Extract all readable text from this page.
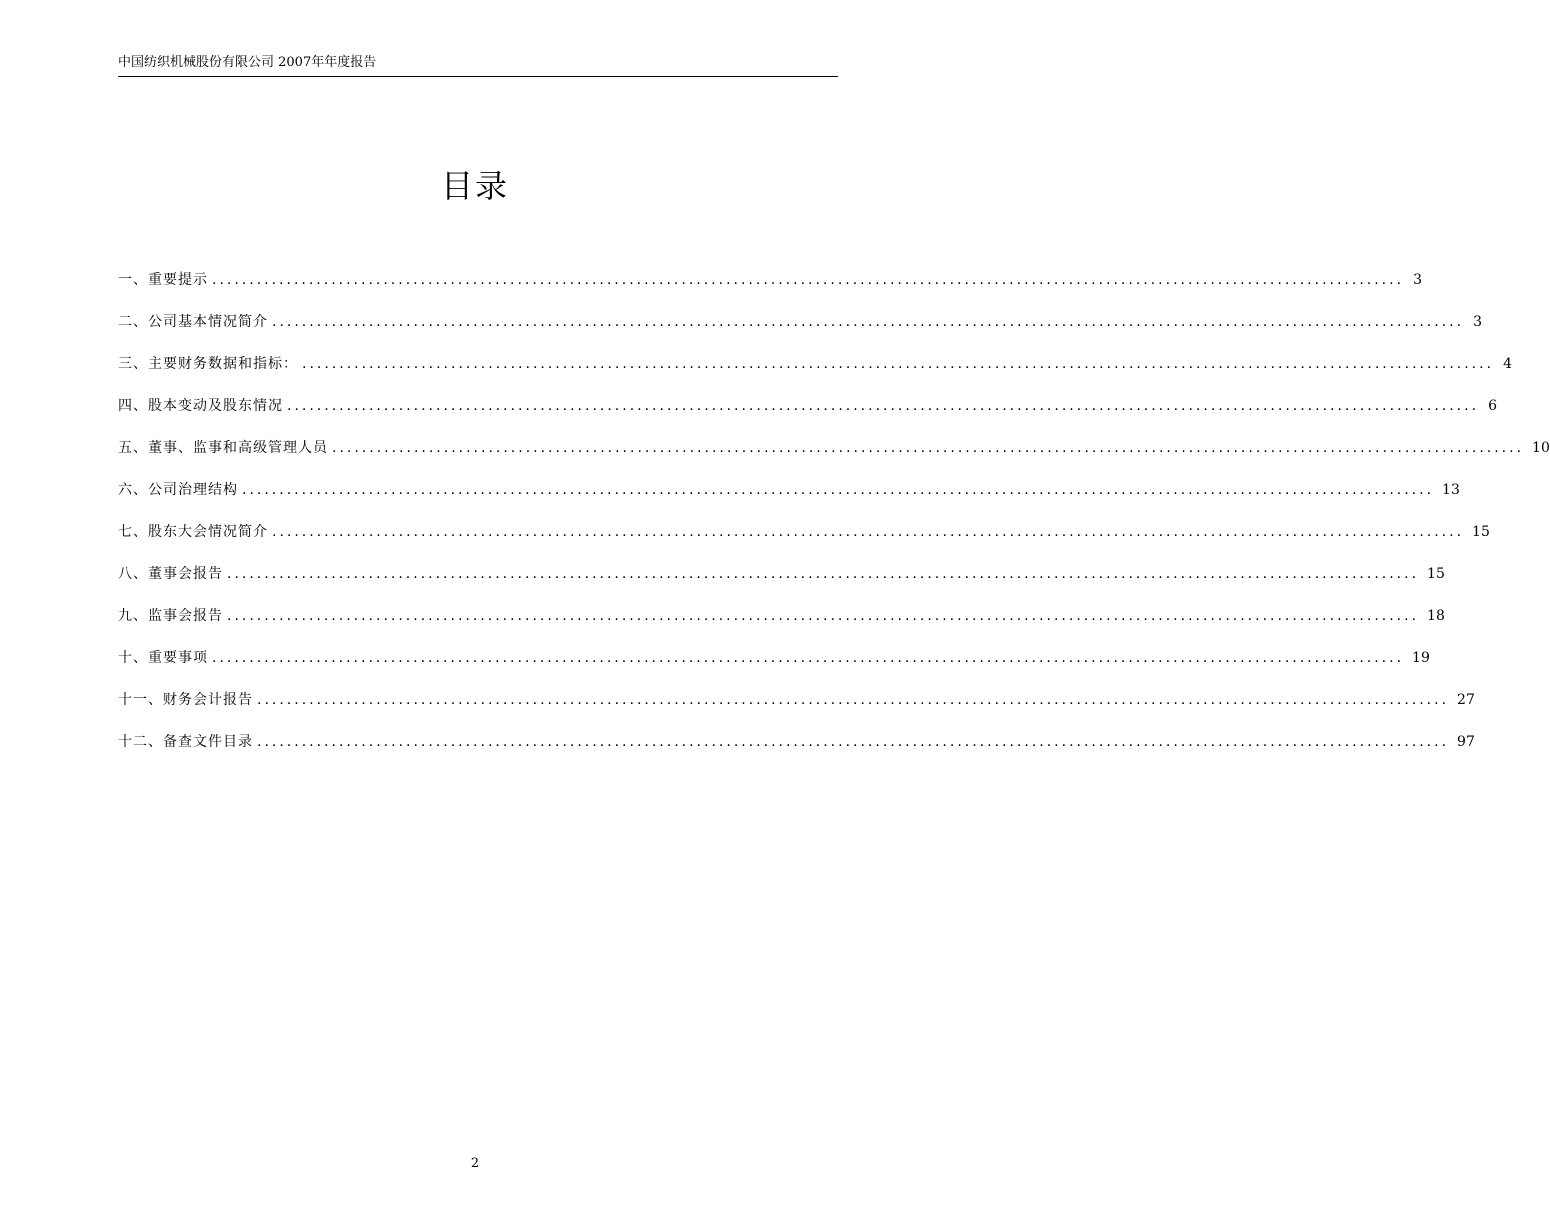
中国纺织机械股份有限公司 2007年年度报告
目录
一、重要提示 ................................................................................................................................................................ 3
二、公司基本情况简介 ................................................................................................................................................................ 3
三、主要财务数据和指标： ................................................................................................................................................................ 4
四、股本变动及股东情况 ................................................................................................................................................................ 6
五、董事、监事和高级管理人员 ................................................................................................................................................................ 10
六、公司治理结构 ................................................................................................................................................................ 13
七、股东大会情况简介 ................................................................................................................................................................ 15
八、董事会报告 ................................................................................................................................................................ 15
九、监事会报告 ................................................................................................................................................................ 18
十、重要事项 ................................................................................................................................................................ 19
十一、财务会计报告 ................................................................................................................................................................ 27
十二、备查文件目录 ................................................................................................................................................................ 97
2
